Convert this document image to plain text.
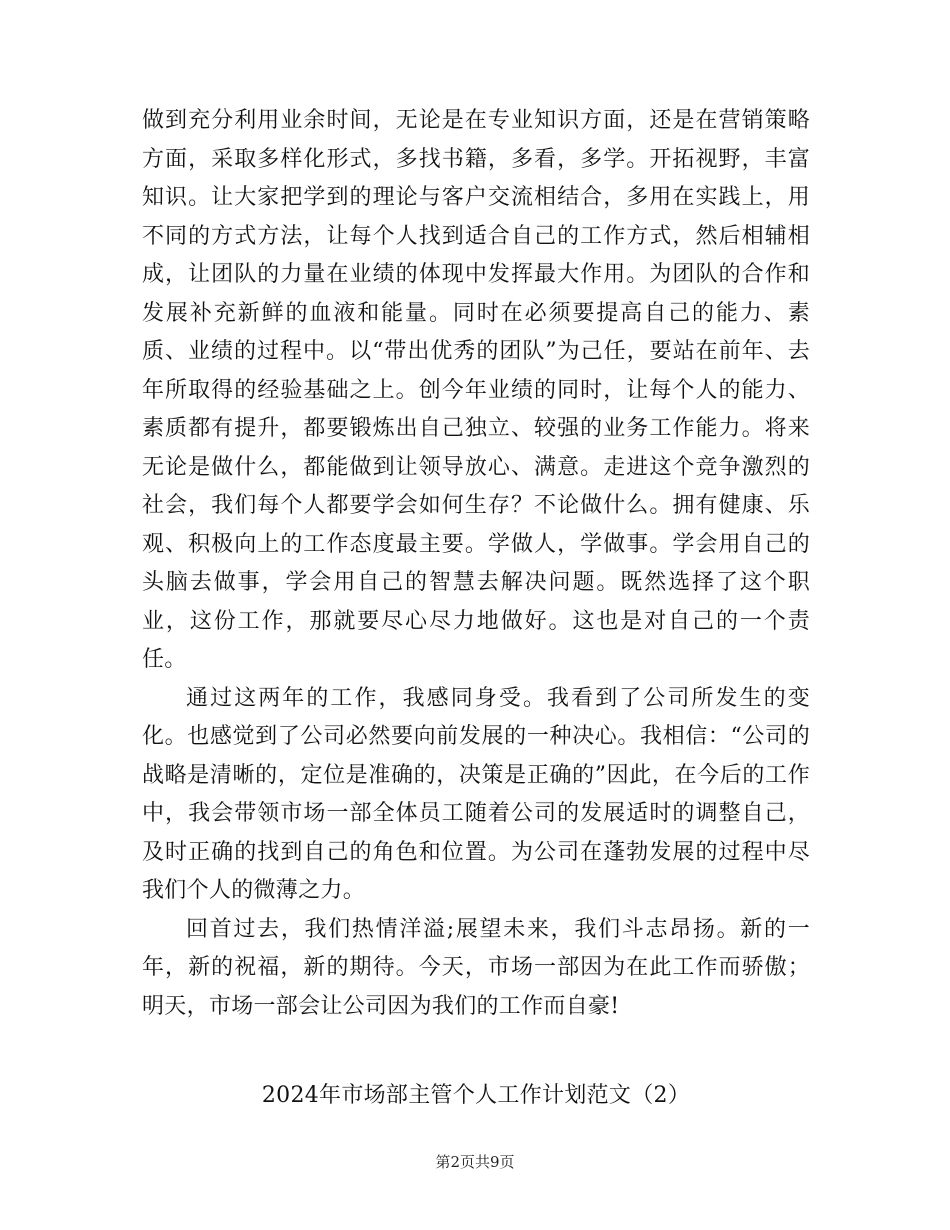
做到充分利用业余时间，无论是在专业知识方面，还是在营销策略方面，采取多样化形式，多找书籍，多看，多学。开拓视野，丰富知识。让大家把学到的理论与客户交流相结合，多用在实践上，用不同的方式方法，让每个人找到适合自己的工作方式，然后相辅相成，让团队的力量在业绩的体现中发挥最大作用。为团队的合作和发展补充新鲜的血液和能量。同时在必须要提高自己的能力、素质、业绩的过程中。以“带出优秀的团队”为己任，要站在前年、去年所取得的经验基础之上。创今年业绩的同时，让每个人的能力、素质都有提升，都要锻炼出自己独立、较强的业务工作能力。将来无论是做什么，都能做到让领导放心、满意。走进这个竞争激烈的社会，我们每个人都要学会如何生存？不论做什么。拥有健康、乐观、积极向上的工作态度最主要。学做人，学做事。学会用自己的头脑去做事，学会用自己的智慧去解决问题。既然选择了这个职业，这份工作，那就要尽心尽力地做好。这也是对自己的一个责任。

通过这两年的工作，我感同身受。我看到了公司所发生的变化。也感觉到了公司必然要向前发展的一种决心。我相信：“公司的战略是清晰的，定位是准确的，决策是正确的”因此，在今后的工作中，我会带领市场一部全体员工随着公司的发展适时的调整自己，及时正确的找到自己的角色和位置。为公司在蓬勃发展的过程中尽我们个人的微薄之力。

回首过去，我们热情洋溢;展望未来，我们斗志昂扬。新的一年，新的祝福，新的期待。今天，市场一部因为在此工作而骄傲；明天，市场一部会让公司因为我们的工作而自豪!

2024年市场部主管个人工作计划范文（2）
第2页共9页
